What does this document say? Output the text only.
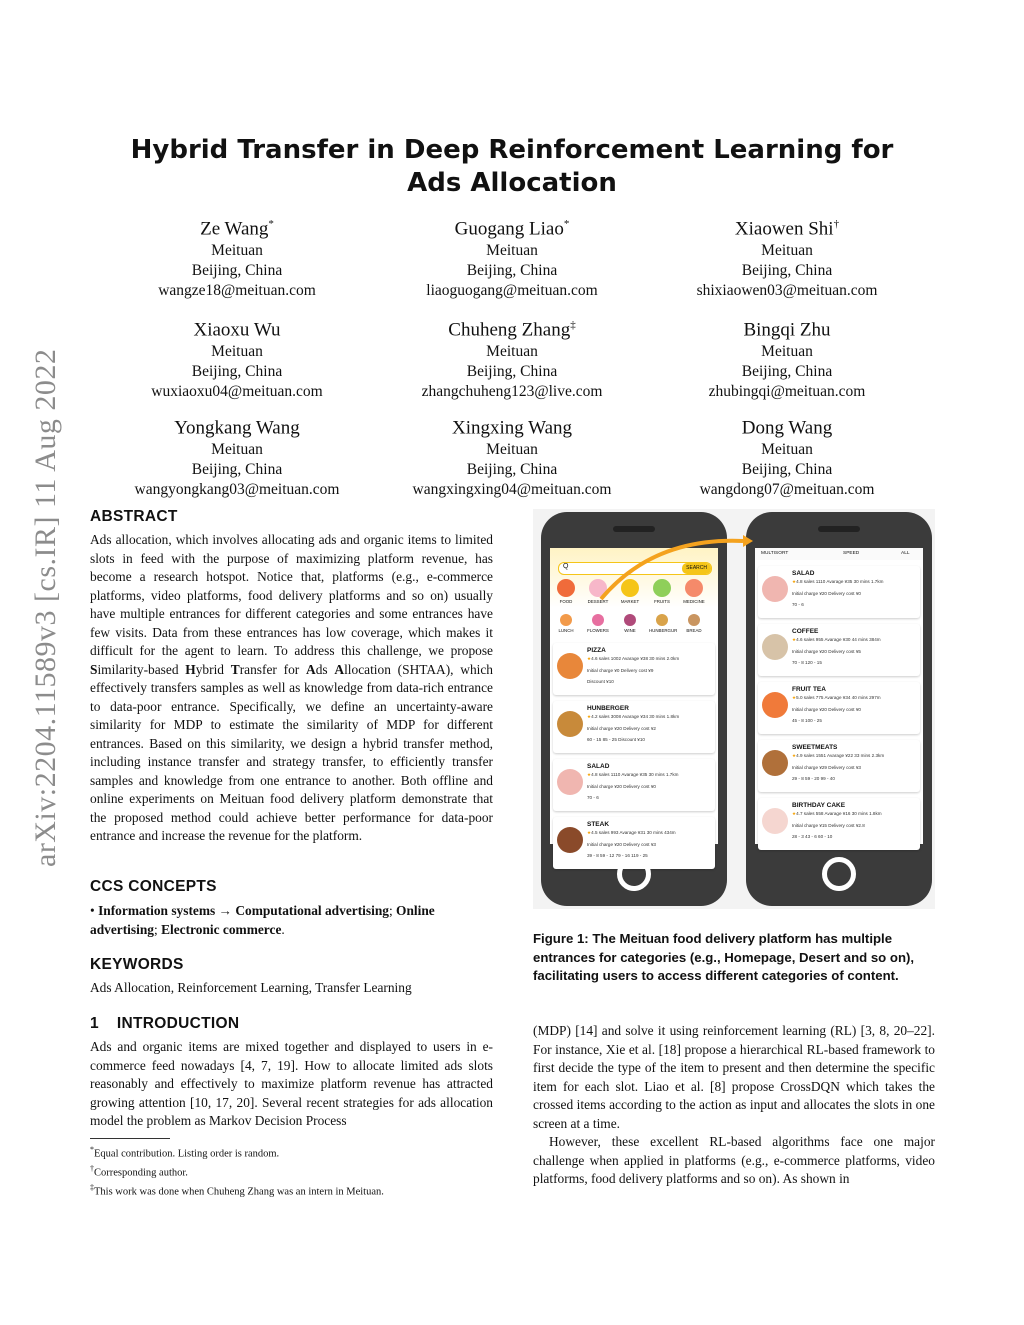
arXiv:2204.11589v3 [cs.IR] 11 Aug 2022
Hybrid Transfer in Deep Reinforcement Learning for Ads Allocation
Ze Wang*
Meituan
Beijing, China
wangze18@meituan.com
Guogang Liao*
Meituan
Beijing, China
liaoguogang@meituan.com
Xiaowen Shi†
Meituan
Beijing, China
shixiaowen03@meituan.com
Xiaoxu Wu
Meituan
Beijing, China
wuxiaoxu04@meituan.com
Chuheng Zhang‡
Meituan
Beijing, China
zhangchuheng123@live.com
Bingqi Zhu
Meituan
Beijing, China
zhubingqi@meituan.com
Yongkang Wang
Meituan
Beijing, China
wangyongkang03@meituan.com
Xingxing Wang
Meituan
Beijing, China
wangxingxing04@meituan.com
Dong Wang
Meituan
Beijing, China
wangdong07@meituan.com
ABSTRACT

Ads allocation, which involves allocating ads and organic items to limited slots in feed with the purpose of maximizing platform revenue, has become a research hotspot. Notice that, platforms (e.g., e-commerce platforms, video platforms, food delivery platforms and so on) usually have multiple entrances for different categories and some entrances have few visits. Data from these entrances has low coverage, which makes it difficult for the agent to learn. To address this challenge, we propose Similarity-based Hybrid Transfer for Ads Allocation (SHTAA), which effectively transfers samples as well as knowledge from data-rich entrance to data-poor entrance. Specifically, we define an uncertainty-aware similarity for MDP to estimate the similarity of MDP for different entrances. Based on this similarity, we design a hybrid transfer method, including instance transfer and strategy transfer, to efficiently transfer samples and knowledge from one entrance to another. Both offline and online experiments on Meituan food delivery platform demonstrate that the proposed method could achieve better performance for data-poor entrance and increase the revenue for the platform.

CCS CONCEPTS
• Information systems → Computational advertising; Online advertising; Electronic commerce.
KEYWORDS
Ads Allocation, Reinforcement Learning, Transfer Learning
1 INTRODUCTION
Ads and organic items are mixed together and displayed to users in e-commerce feed nowadays [4, 7, 19]. How to allocate limited ads slots reasonably and effectively to maximize platform revenue has attracted growing attention [10, 17, 20]. Several recent strategies for ads allocation model the problem as Markov Decision Process
*Equal contribution. Listing order is random.
†Corresponding author.
‡This work was done when Chuheng Zhang was an intern in Meituan.

(MDP) [14] and solve it using reinforcement learning (RL) [3, 8, 20–22]. For instance, Xie et al. [18] propose a hierarchical RL-based framework to first decide the type of the item to present and then determine the specific item for each slot. Liao et al. [8] propose CrossDQN which takes the crossed items according to the action as input and allocates the slots in one screen at a time.

However, these excellent RL-based algorithms face one major challenge when applied in platforms (e.g., e-commerce platforms, video platforms, food delivery platforms and so on). As shown in

Q	SEARCH
FOOD	DESSERT	MARKET	FRUITS	MEDICINE
LUNCH	FLOWERS	WINE	HUNBERGUR	BREAD
PIZZA
★4.6 sales 1002 Avarage ¥38 30 mins 2.0km
Initial charge ¥0 Delivery cost ¥9
Discount ¥10
HUNBERGER
★4.2 sales 3008 Avarage ¥34 30 mins 1.8km
Initial charge ¥20 Delivery cost ¥2
60 - 15 85 - 25 Discount ¥10
SALAD
★4.8 sales 1110 Avarage ¥35 30 mins 1.7km
Initial charge ¥20 Delivery cost ¥0
70 - 6
STEAK
★4.5 sales 993 Avarage ¥31 30 mins 434m
Initial charge ¥20 Delivery cost ¥3
39 - 8 59 - 12 79 - 16 119 - 25
MULTISORT	SPEED	ALL
SALAD
★4.8 sales 1110 Avarage ¥35 30 mins 1.7km
Initial charge ¥20 Delivery cost ¥0
70 - 6
COFFEE
★4.6 sales 955 Avarage ¥30 44 mins 384m
Initial charge ¥20 Delivery cost ¥5
70 - 8 120 - 15
FRUIT TEA
★5.0 sales 775 Avarage ¥34 40 mins 297m
Initial charge ¥20 Delivery cost ¥0
45 - 8 100 - 25
SWEETMEATS
★4.9 sales 1551 Avarage ¥22 33 mins 2.3km
Initial charge ¥29 Delivery cost ¥3
29 - 8 59 - 20 99 - 40
BIRTHDAY CAKE
★4.7 sales 558 Avarage ¥16 30 mins 1.8km
Initial charge ¥15 Delivery cost ¥2.8
28 - 3 43 - 6 60 - 10
Figure 1: The Meituan food delivery platform has multiple entrances for categories (e.g., Homepage, Desert and so on), facilitating users to access different categories of content.
